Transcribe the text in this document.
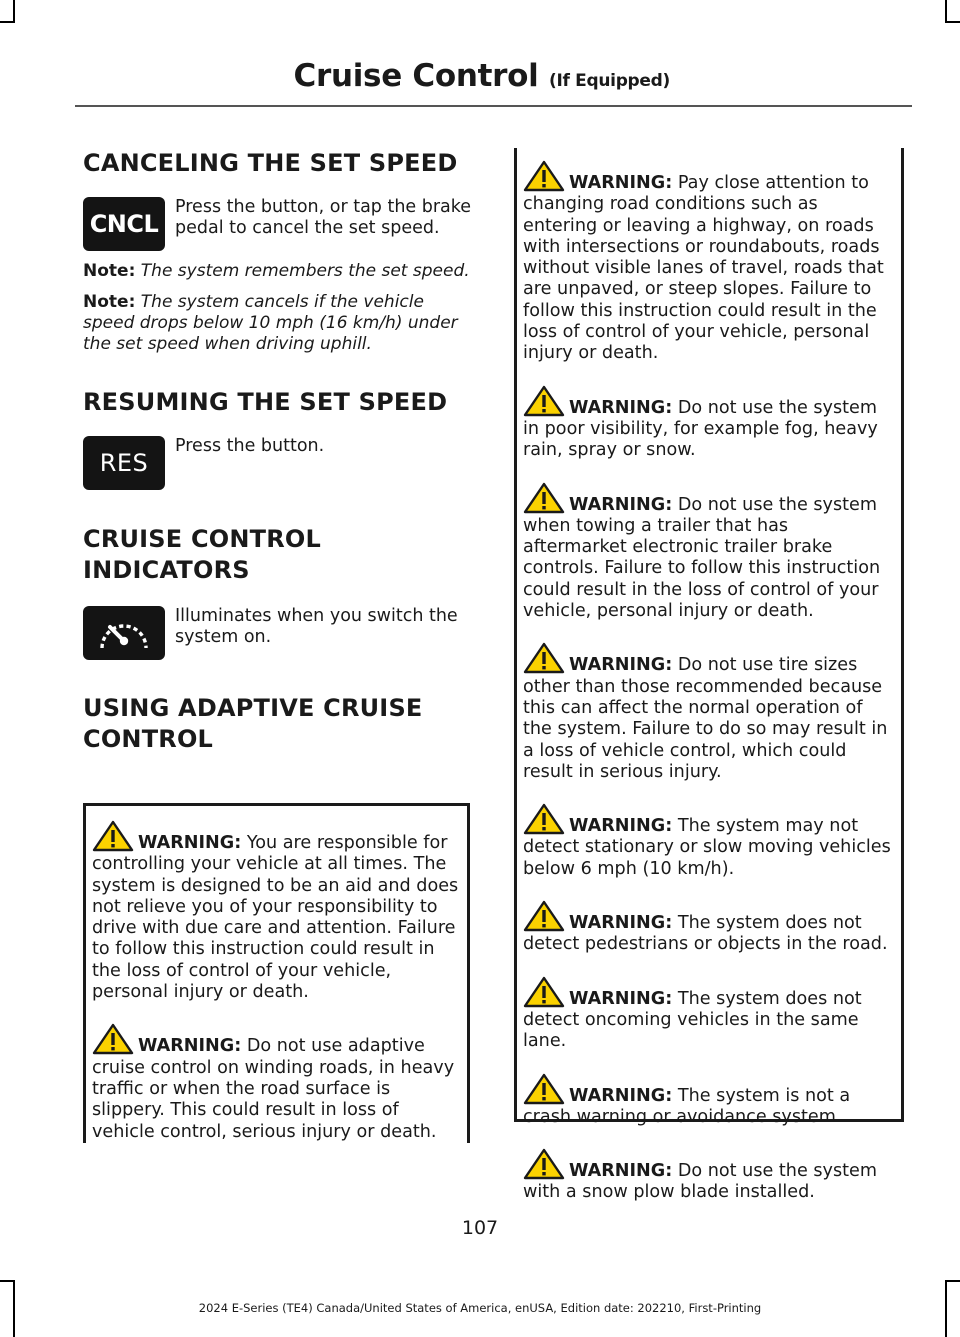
Cruise Control (If Equipped)
CANCELING THE SET SPEED
CNCL
Press the button, or tap the brake pedal to cancel the set speed.

Note: The system remembers the set speed.

Note: The system cancels if the vehicle speed drops below 10 mph (16 km/h) under the set speed when driving uphill.

RESUMING THE SET SPEED
RES
Press the button.
CRUISE CONTROL
INDICATORS
Illuminates when you switch the system on.
USING ADAPTIVE CRUISE
CONTROL

WARNING: You are responsible for controlling your vehicle at all times. The system is designed to be an aid and does not relieve you of your responsibility to drive with due care and attention. Failure to follow this instruction could result in the loss of control of your vehicle, personal injury or death.

WARNING: Do not use adaptive cruise control on winding roads, in heavy traffic or when the road surface is slippery. This could result in loss of vehicle control, serious injury or death.

WARNING: Pay close attention to changing road conditions such as entering or leaving a highway, on roads with intersections or roundabouts, roads without visible lanes of travel, roads that are unpaved, or steep slopes. Failure to follow this instruction could result in the loss of control of your vehicle, personal injury or death.

WARNING: Do not use the system in poor visibility, for example fog, heavy rain, spray or snow.

WARNING: Do not use the system when towing a trailer that has aftermarket electronic trailer brake controls. Failure to follow this instruction could result in the loss of control of your vehicle, personal injury or death.

WARNING: Do not use tire sizes other than those recommended because this can affect the normal operation of the system. Failure to do so may result in a loss of vehicle control, which could result in serious injury.

WARNING: The system may not detect stationary or slow moving vehicles below 6 mph (10 km/h).

WARNING: The system does not detect pedestrians or objects in the road.

WARNING: The system does not detect oncoming vehicles in the same lane.

WARNING: The system is not a crash warning or avoidance system.

WARNING: Do not use the system with a snow plow blade installed.

107
2024 E-Series (TE4) Canada/United States of America, enUSA, Edition date: 202210, First-Printing
